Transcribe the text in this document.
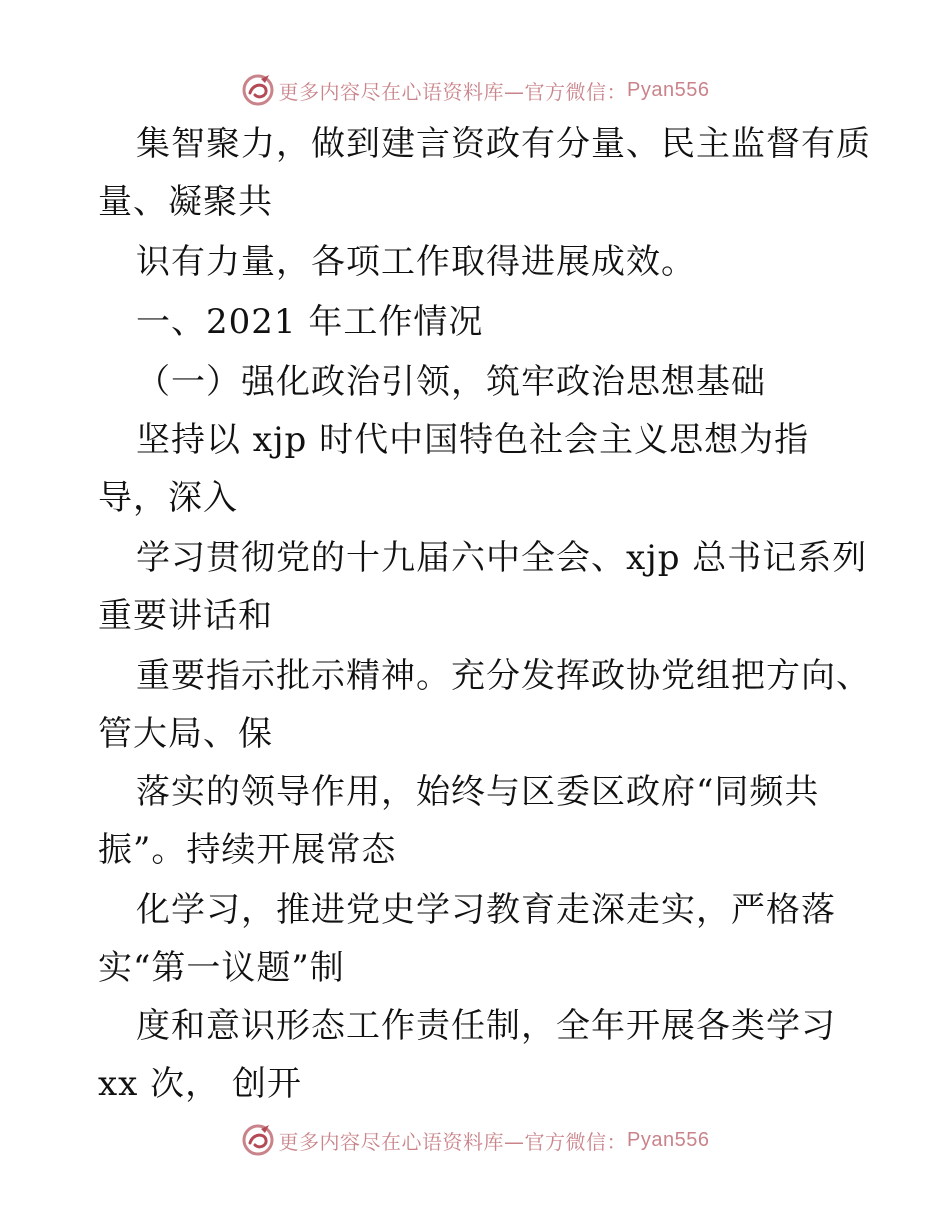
更多内容尽在心语资料库—官方微信： Pyan556
集智聚力，做到建言资政有分量、民主监督有质
量、凝聚共
识有力量，各项工作取得进展成效。
一、2021 年工作情况
（一）强化政治引领，筑牢政治思想基础
坚持以 xjp 时代中国特色社会主义思想为指
导，深入
学习贯彻党的十九届六中全会、xjp 总书记系列
重要讲话和
重要指示批示精神。充分发挥政协党组把方向、
管大局、保
落实的领导作用，始终与区委区政府“同频共
振”。持续开展常态
化学习，推进党史学习教育走深走实，严格落
实“第一议题”制
度和意识形态工作责任制，全年开展各类学习
xx 次， 创开
更多内容尽在心语资料库—官方微信： Pyan556
